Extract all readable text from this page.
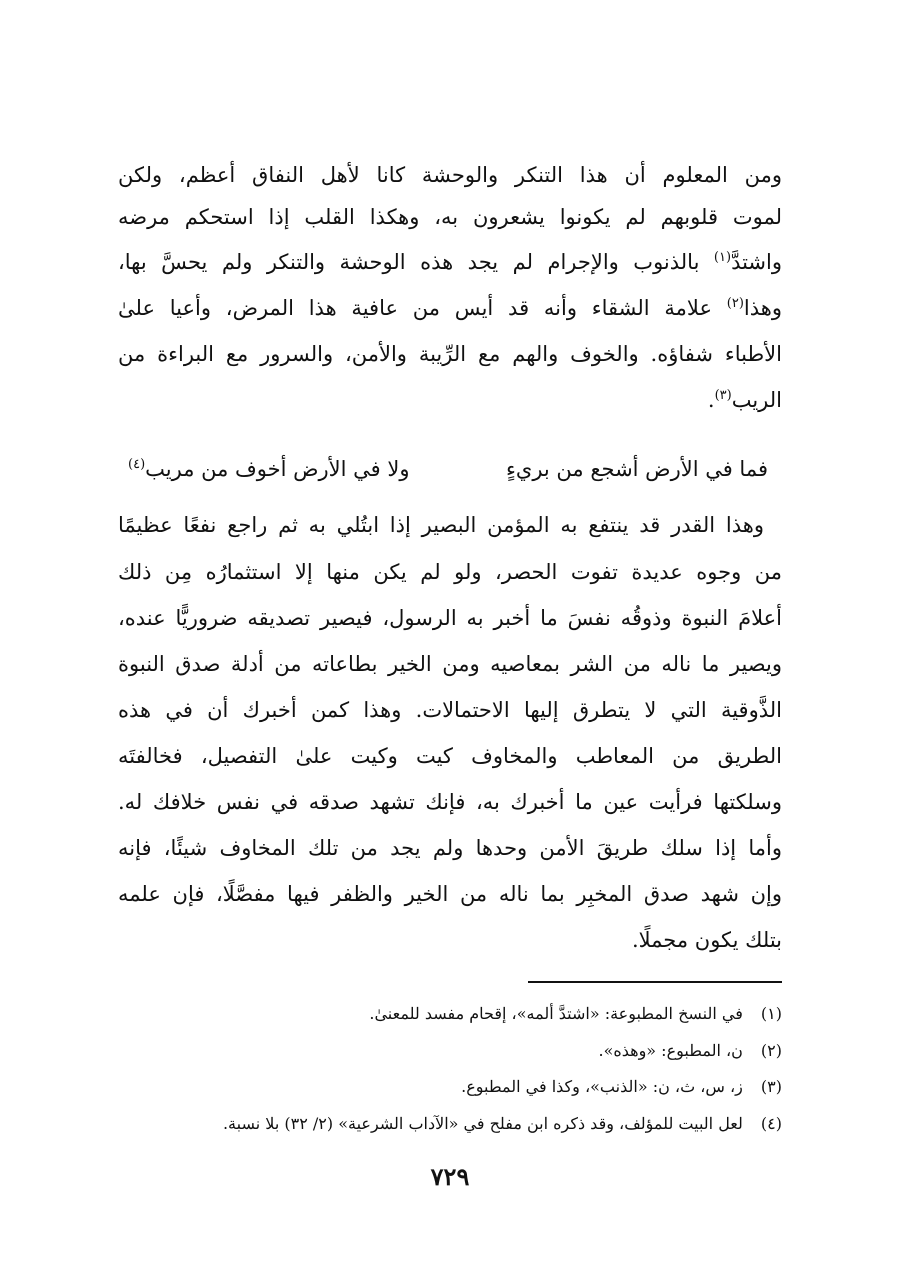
ومن المعلوم أن هذا التنكر والوحشة كانا لأهل النفاق أعظم، ولكن
لموت قلوبهم لم يكونوا يشعرون به، وهكذا القلب إذا استحكم مرضه
واشتدَّ$^{(١)}$ بالذنوب والإجرام لم يجد هذه الوحشة والتنكر ولم يحسَّ بها،
وهذا$^{(٢)}$ علامة الشقاء وأنه قد أيس من عافية هذا المرض، وأعيا علىٰ
الأطباء شفاؤه. والخوف والهم مع الرِّيبة والأمن، والسرور مع البراءة من
الريب$^{(٣)}$.
فما في الأرض أشجع من بريءٍ
ولا في الأرض أخوف من مريب$^{(٤)}$
وهذا القدر قد ينتفع به المؤمن البصير إذا ابتُلي به ثم راجع نفعًا عظيمًا
من وجوه عديدة تفوت الحصر، ولو لم يكن منها إلا استثمارُه مِن ذلك
أعلامَ النبوة وذوقُه نفسَ ما أخبر به الرسول، فيصير تصديقه ضروريًّا عنده،
ويصير ما ناله من الشر بمعاصيه ومن الخير بطاعاته من أدلة صدق النبوة
الذَّوقية التي لا يتطرق إليها الاحتمالات. وهذا كمن أخبرك أن في هذه
الطريق من المعاطب والمخاوف كيت وكيت علىٰ التفصيل، فخالفتَه
وسلكتها فرأيت عين ما أخبرك به، فإنك تشهد صدقه في نفس خلافك له.
وأما إذا سلك طريقَ الأمن وحدها ولم يجد من تلك المخاوف شيئًا، فإنه
وإن شهد صدق المخبِر بما ناله من الخير والظفر فيها مفصَّلًا، فإن علمه
بتلك يكون مجملًا.
(١) في النسخ المطبوعة: «اشتدَّ ألمه»، إقحام مفسد للمعنىٰ.
(٢) ن، المطبوع: «وهذه».
(٣) ز، س، ث، ن: «الذنب»، وكذا في المطبوع.
(٤) لعل البيت للمؤلف، وقد ذكره ابن مفلح في «الآداب الشرعية» (٢/ ٣٢) بلا نسبة.
٧٢٩
